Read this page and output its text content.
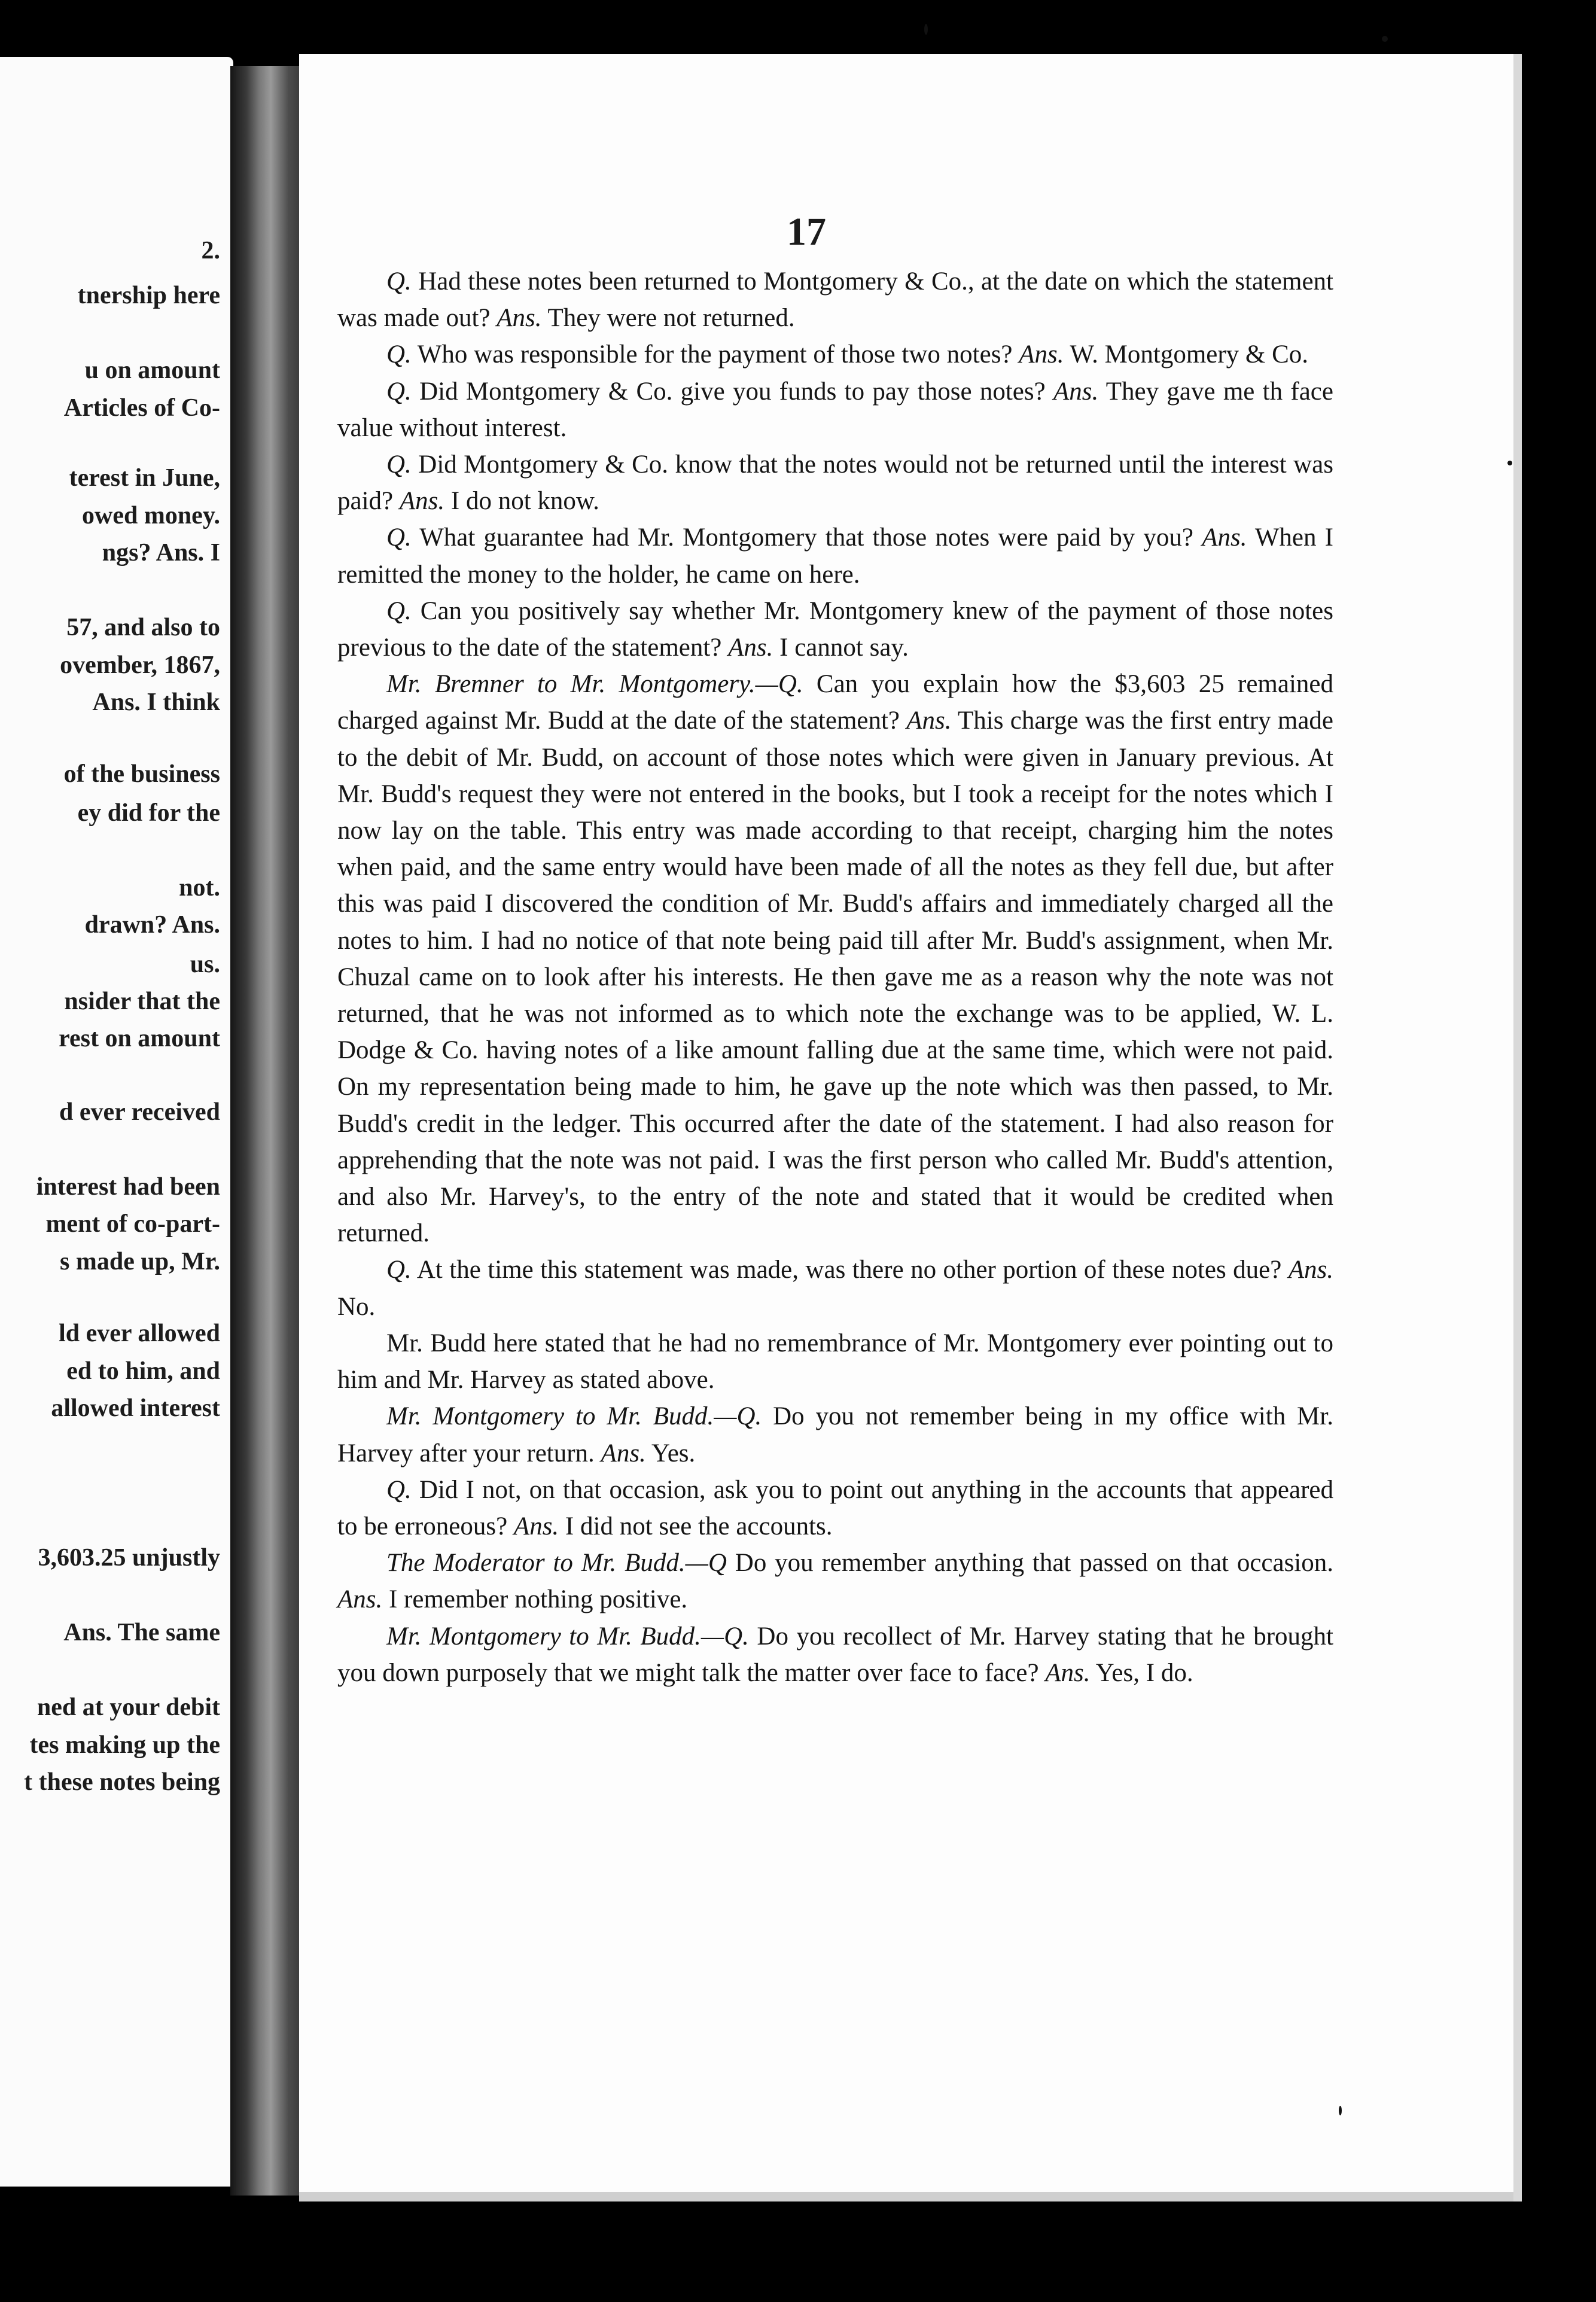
2.
tnership here
u on amount
Articles of Co-
terest in June,
owed money.
ngs? Ans. I
57, and also to
ovember, 1867,
Ans. I think
of the business
ey did for the
not.
drawn? Ans.
us.
nsider that the
rest on amount
d ever received
interest had been
ment of co-part-
s made up, Mr.
ld ever allowed
ed to him, and
allowed interest
3,603.25 unjustly
Ans. The same
ned at your debit
tes making up the
t these notes being
17

Q. Had these notes been returned to Montgomery & Co., at the date on which the statement was made out? Ans. They were not returned.

Q. Who was responsible for the payment of those two notes? Ans. W. Montgomery & Co.

Q. Did Montgomery & Co. give you funds to pay those notes? Ans. They gave me th face value without interest.

Q. Did Montgomery & Co. know that the notes would not be returned until the interest was paid? Ans. I do not know.

Q. What guarantee had Mr. Montgomery that those notes were paid by you? Ans. When I remitted the money to the holder, he came on here.

Q. Can you positively say whether Mr. Montgomery knew of the payment of those notes previous to the date of the statement? Ans. I cannot say.

Mr. Bremner to Mr. Montgomery.—Q. Can you explain how the $3,603 25 remained charged against Mr. Budd at the date of the statement? Ans. This charge was the first entry made to the debit of Mr. Budd, on account of those notes which were given in January previous. At Mr. Budd's request they were not entered in the books, but I took a receipt for the notes which I now lay on the table. This entry was made according to that receipt, charging him the notes when paid, and the same entry would have been made of all the notes as they fell due, but after this was paid I discovered the condition of Mr. Budd's affairs and immediately charged all the notes to him. I had no notice of that note being paid till after Mr. Budd's assignment, when Mr. Chuzal came on to look after his interests. He then gave me as a reason why the note was not returned, that he was not informed as to which note the exchange was to be applied, W. L. Dodge & Co. having notes of a like amount falling due at the same time, which were not paid. On my representation being made to him, he gave up the note which was then passed, to Mr. Budd's credit in the ledger. This occurred after the date of the statement. I had also reason for apprehending that the note was not paid. I was the first person who called Mr. Budd's attention, and also Mr. Harvey's, to the entry of the note and stated that it would be credited when returned.

Q. At the time this statement was made, was there no other portion of these notes due? Ans. No.

Mr. Budd here stated that he had no remembrance of Mr. Montgomery ever pointing out to him and Mr. Harvey as stated above.

Mr. Montgomery to Mr. Budd.—Q. Do you not remember being in my office with Mr. Harvey after your return. Ans. Yes.

Q. Did I not, on that occasion, ask you to point out anything in the accounts that appeared to be erroneous? Ans. I did not see the accounts.

The Moderator to Mr. Budd.—Q Do you remember anything that passed on that occasion. Ans. I remember nothing positive.

Mr. Montgomery to Mr. Budd.—Q. Do you recollect of Mr. Harvey stating that he brought you down purposely that we might talk the matter over face to face? Ans. Yes, I do.
